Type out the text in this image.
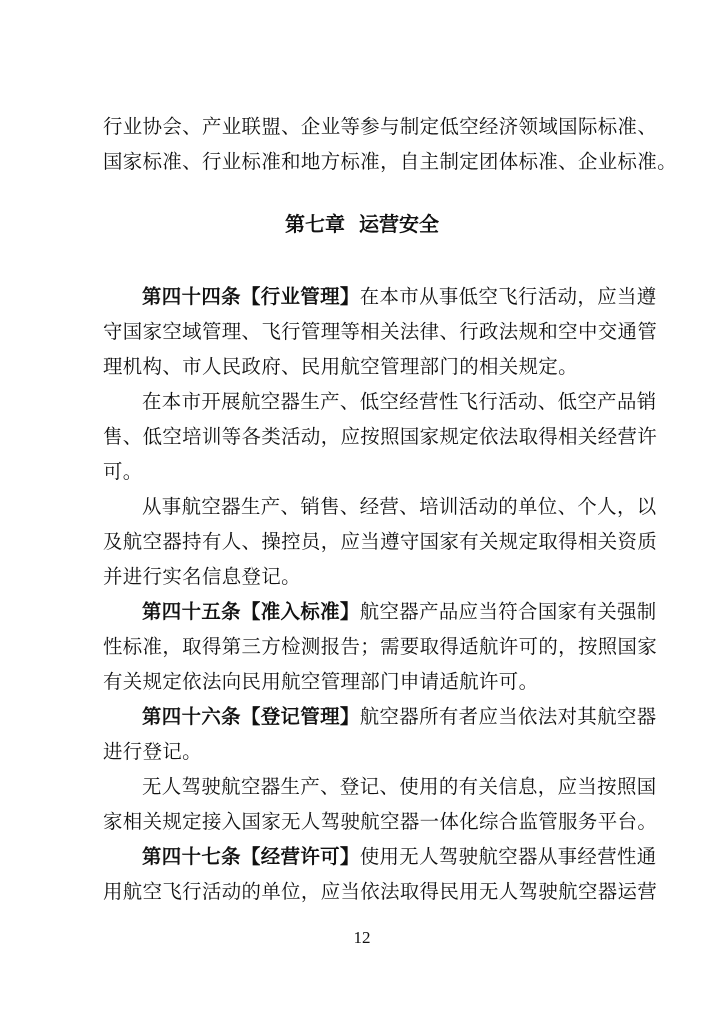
行业协会、产业联盟、企业等参与制定低空经济领域国际标准、
国家标准、行业标准和地方标准，自主制定团体标准、企业标准。
第七章  运营安全
第四十四条【行业管理】在本市从事低空飞行活动，应当遵
守国家空域管理、飞行管理等相关法律、行政法规和空中交通管
理机构、市人民政府、民用航空管理部门的相关规定。
在本市开展航空器生产、低空经营性飞行活动、低空产品销
售、低空培训等各类活动，应按照国家规定依法取得相关经营许
可。
从事航空器生产、销售、经营、培训活动的单位、个人，以
及航空器持有人、操控员，应当遵守国家有关规定取得相关资质
并进行实名信息登记。
第四十五条【准入标准】航空器产品应当符合国家有关强制
性标准，取得第三方检测报告；需要取得适航许可的，按照国家
有关规定依法向民用航空管理部门申请适航许可。
第四十六条【登记管理】航空器所有者应当依法对其航空器
进行登记。
无人驾驶航空器生产、登记、使用的有关信息，应当按照国
家相关规定接入国家无人驾驶航空器一体化综合监管服务平台。
第四十七条【经营许可】使用无人驾驶航空器从事经营性通
用航空飞行活动的单位，应当依法取得民用无人驾驶航空器运营
12
